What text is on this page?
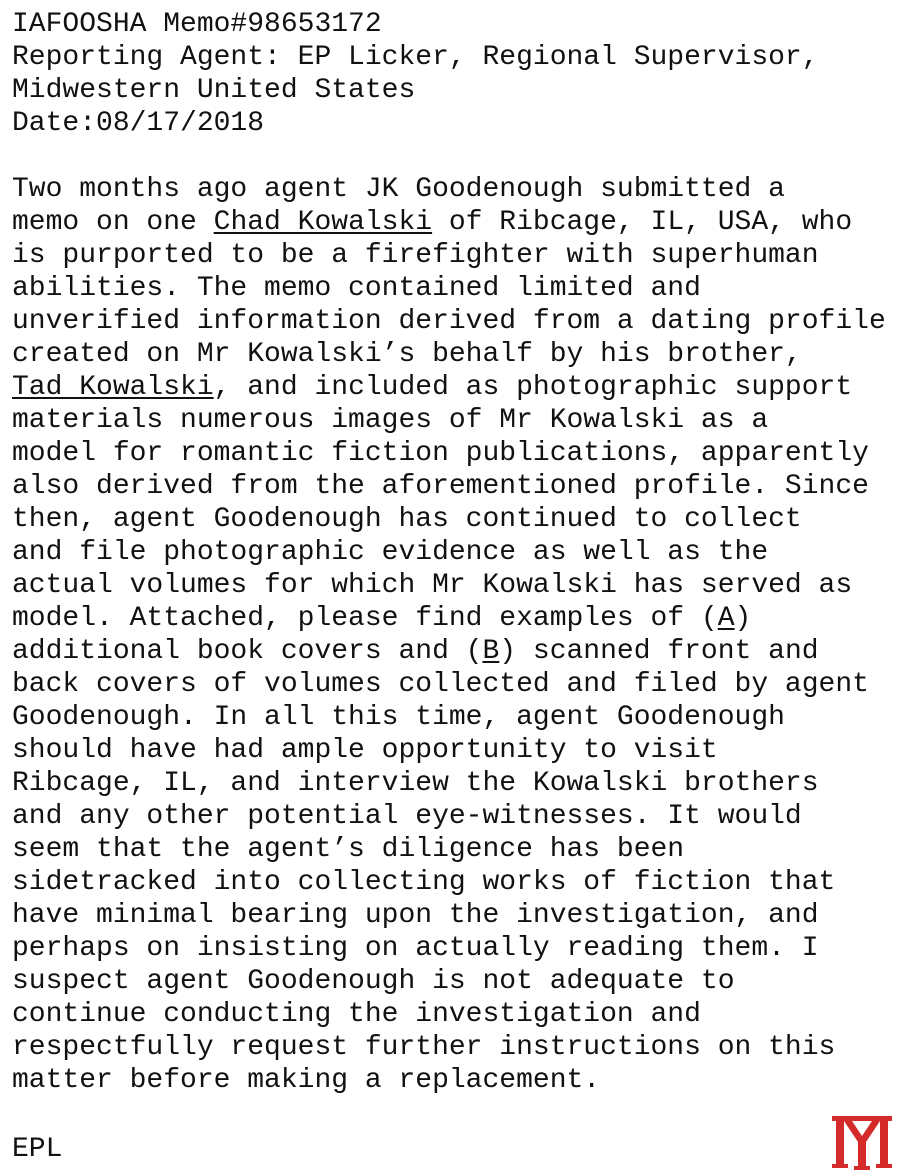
IAFOOSHA Memo#98653172
Reporting Agent: EP Licker, Regional Supervisor,
Midwestern United States
Date:08/17/2018
Two months ago agent JK Goodenough submitted a
memo on one Chad Kowalski of Ribcage, IL, USA, who
is purported to be a firefighter with superhuman
abilities. The memo contained limited and
unverified information derived from a dating profile
created on Mr Kowalski’s behalf by his brother,
Tad Kowalski, and included as photographic support
materials numerous images of Mr Kowalski as a
model for romantic fiction publications, apparently
also derived from the aforementioned profile. Since
then, agent Goodenough has continued to collect
and file photographic evidence as well as the
actual volumes for which Mr Kowalski has served as
model. Attached, please find examples of (A)
additional book covers and (B) scanned front and
back covers of volumes collected and filed by agent
Goodenough. In all this time, agent Goodenough
should have had ample opportunity to visit
Ribcage, IL, and interview the Kowalski brothers
and any other potential eye-witnesses. It would
seem that the agent’s diligence has been
sidetracked into collecting works of fiction that
have minimal bearing upon the investigation, and
perhaps on insisting on actually reading them. I
suspect agent Goodenough is not adequate to
continue conducting the investigation and
respectfully request further instructions on this
matter before making a replacement.
EPL
